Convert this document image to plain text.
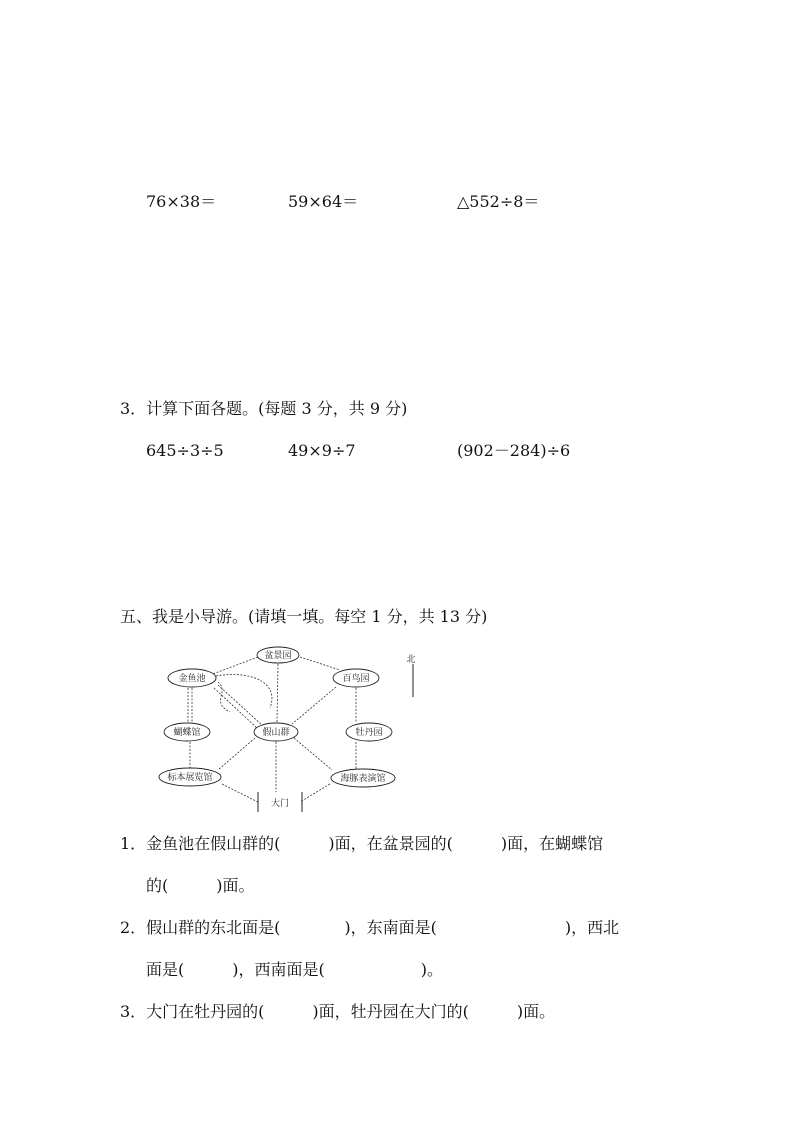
76×38＝	59×64＝	△552÷8＝
3．计算下面各题。(每题 3 分，共 9 分)
645÷3÷5	49×9÷7	(902－284)÷6
五、我是小导游。(请填一填。每空 1 分，共 13 分)
盆景园
金鱼池	百鸟园
蝴蝶馆	假山群	牡丹园
标本展览馆	海豚表演馆
大门
北
1．金鱼池在假山群的(　　　)面，在盆景园的(　　　)面，在蝴蝶馆
的(　　　)面。
2．假山群的东北面是(　　　　)，东南面是(　　　　　　　　)，西北
面是(　　　)，西南面是(　　　　　　)。
3．大门在牡丹园的(　　　)面，牡丹园在大门的(　　　)面。
